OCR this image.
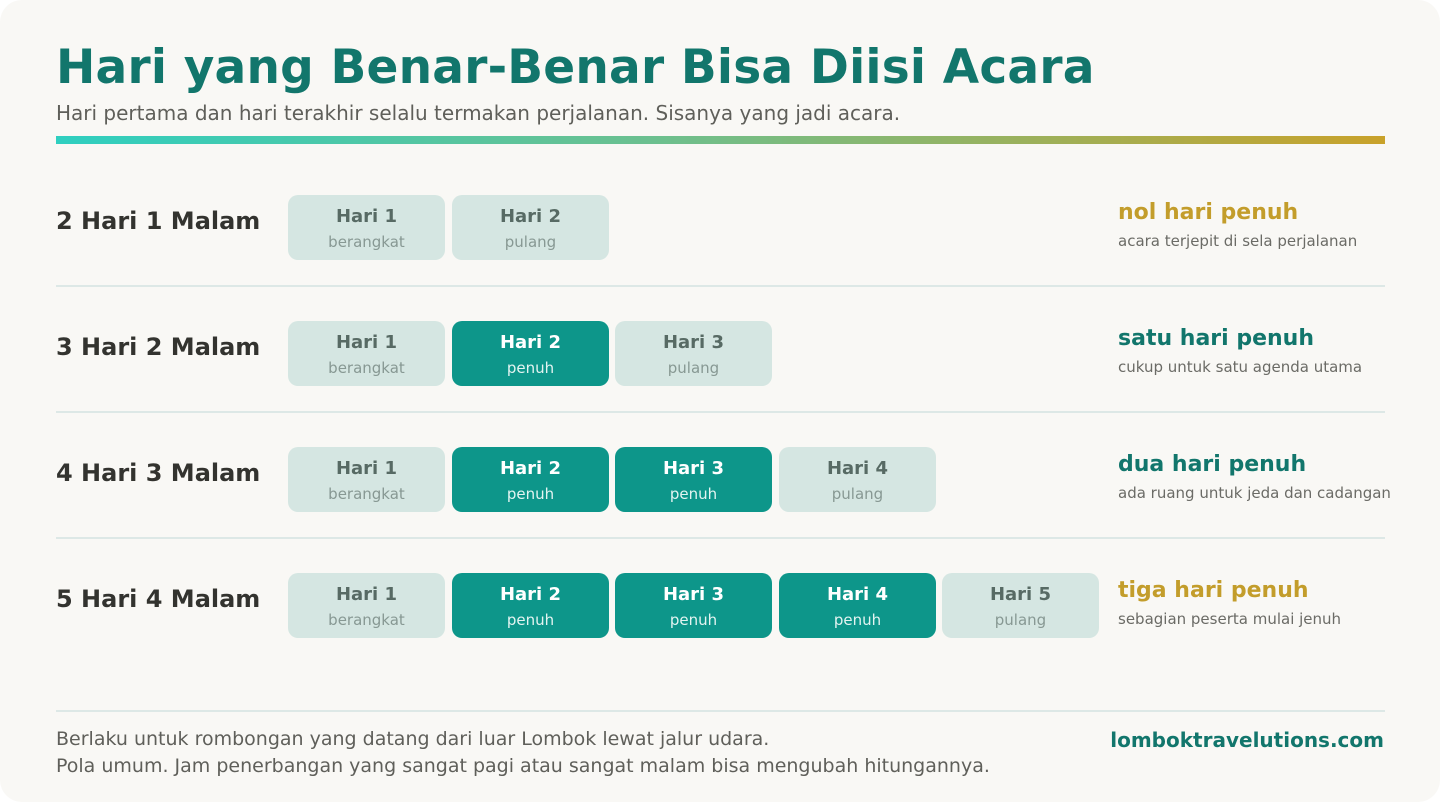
Hari yang Benar-Benar Bisa Diisi Acara
Hari pertama dan hari terakhir selalu termakan perjalanan. Sisanya yang jadi acara.
2 Hari 1 Malam	Hari 1
berangkat
Hari 2
pulang
nol hari penuh
acara terjepit di sela perjalanan
3 Hari 2 Malam	Hari 1
berangkat
Hari 2
penuh
Hari 3
pulang
satu hari penuh
cukup untuk satu agenda utama
4 Hari 3 Malam	Hari 1
berangkat
Hari 2
penuh
Hari 3
penuh
Hari 4
pulang
dua hari penuh
ada ruang untuk jeda dan cadangan
5 Hari 4 Malam	Hari 1
berangkat
Hari 2
penuh
Hari 3
penuh
Hari 4
penuh
Hari 5
pulang
tiga hari penuh
sebagian peserta mulai jenuh
Berlaku untuk rombongan yang datang dari luar Lombok lewat jalur udara.
Pola umum. Jam penerbangan yang sangat pagi atau sangat malam bisa mengubah hitungannya.
lomboktravelutions.com
